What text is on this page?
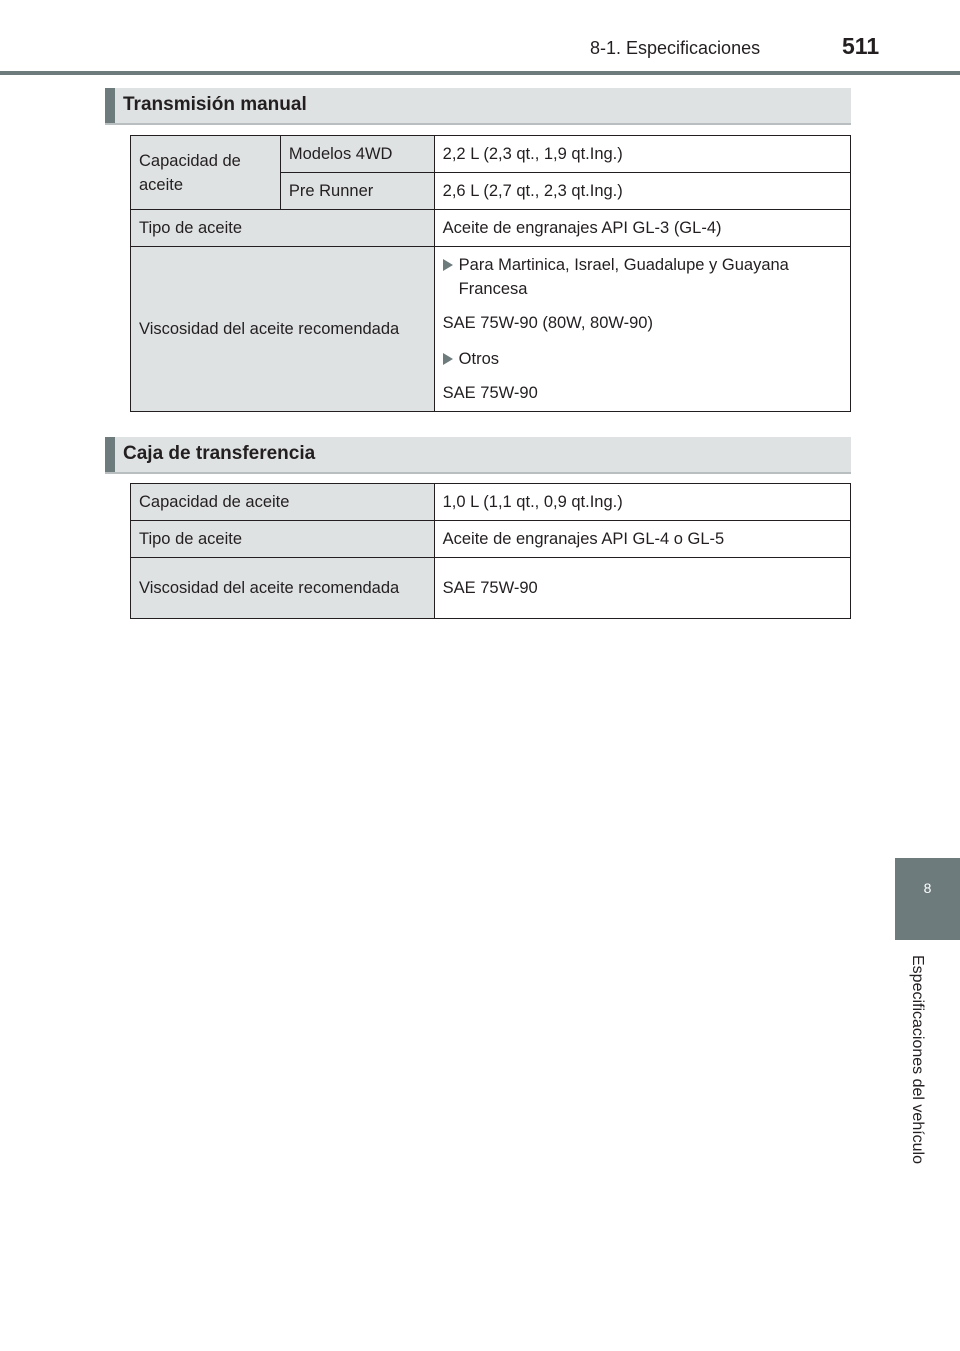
8-1. Especificaciones	511
Transmisión manual
Capacidad de aceite	Modelos 4WD	2,2 L (2,3 qt., 1,9 qt.Ing.)
	Pre Runner	2,6 L (2,7 qt., 2,3 qt.Ing.)
Tipo de aceite		Aceite de engranajes API GL-3 (GL-4)
Viscosidad del aceite recomendada		Para Martinica, Israel, Guadalupe y Guayana Francesa
SAE 75W-90 (80W, 80W-90)
Otros
SAE 75W-90
Caja de transferencia
Capacidad de aceite	1,0 L (1,1 qt., 0,9 qt.Ing.)
Tipo de aceite	Aceite de engranajes API GL-4 o GL-5
Viscosidad del aceite recomendada	SAE 75W-90
8
Especificaciones del vehículo
